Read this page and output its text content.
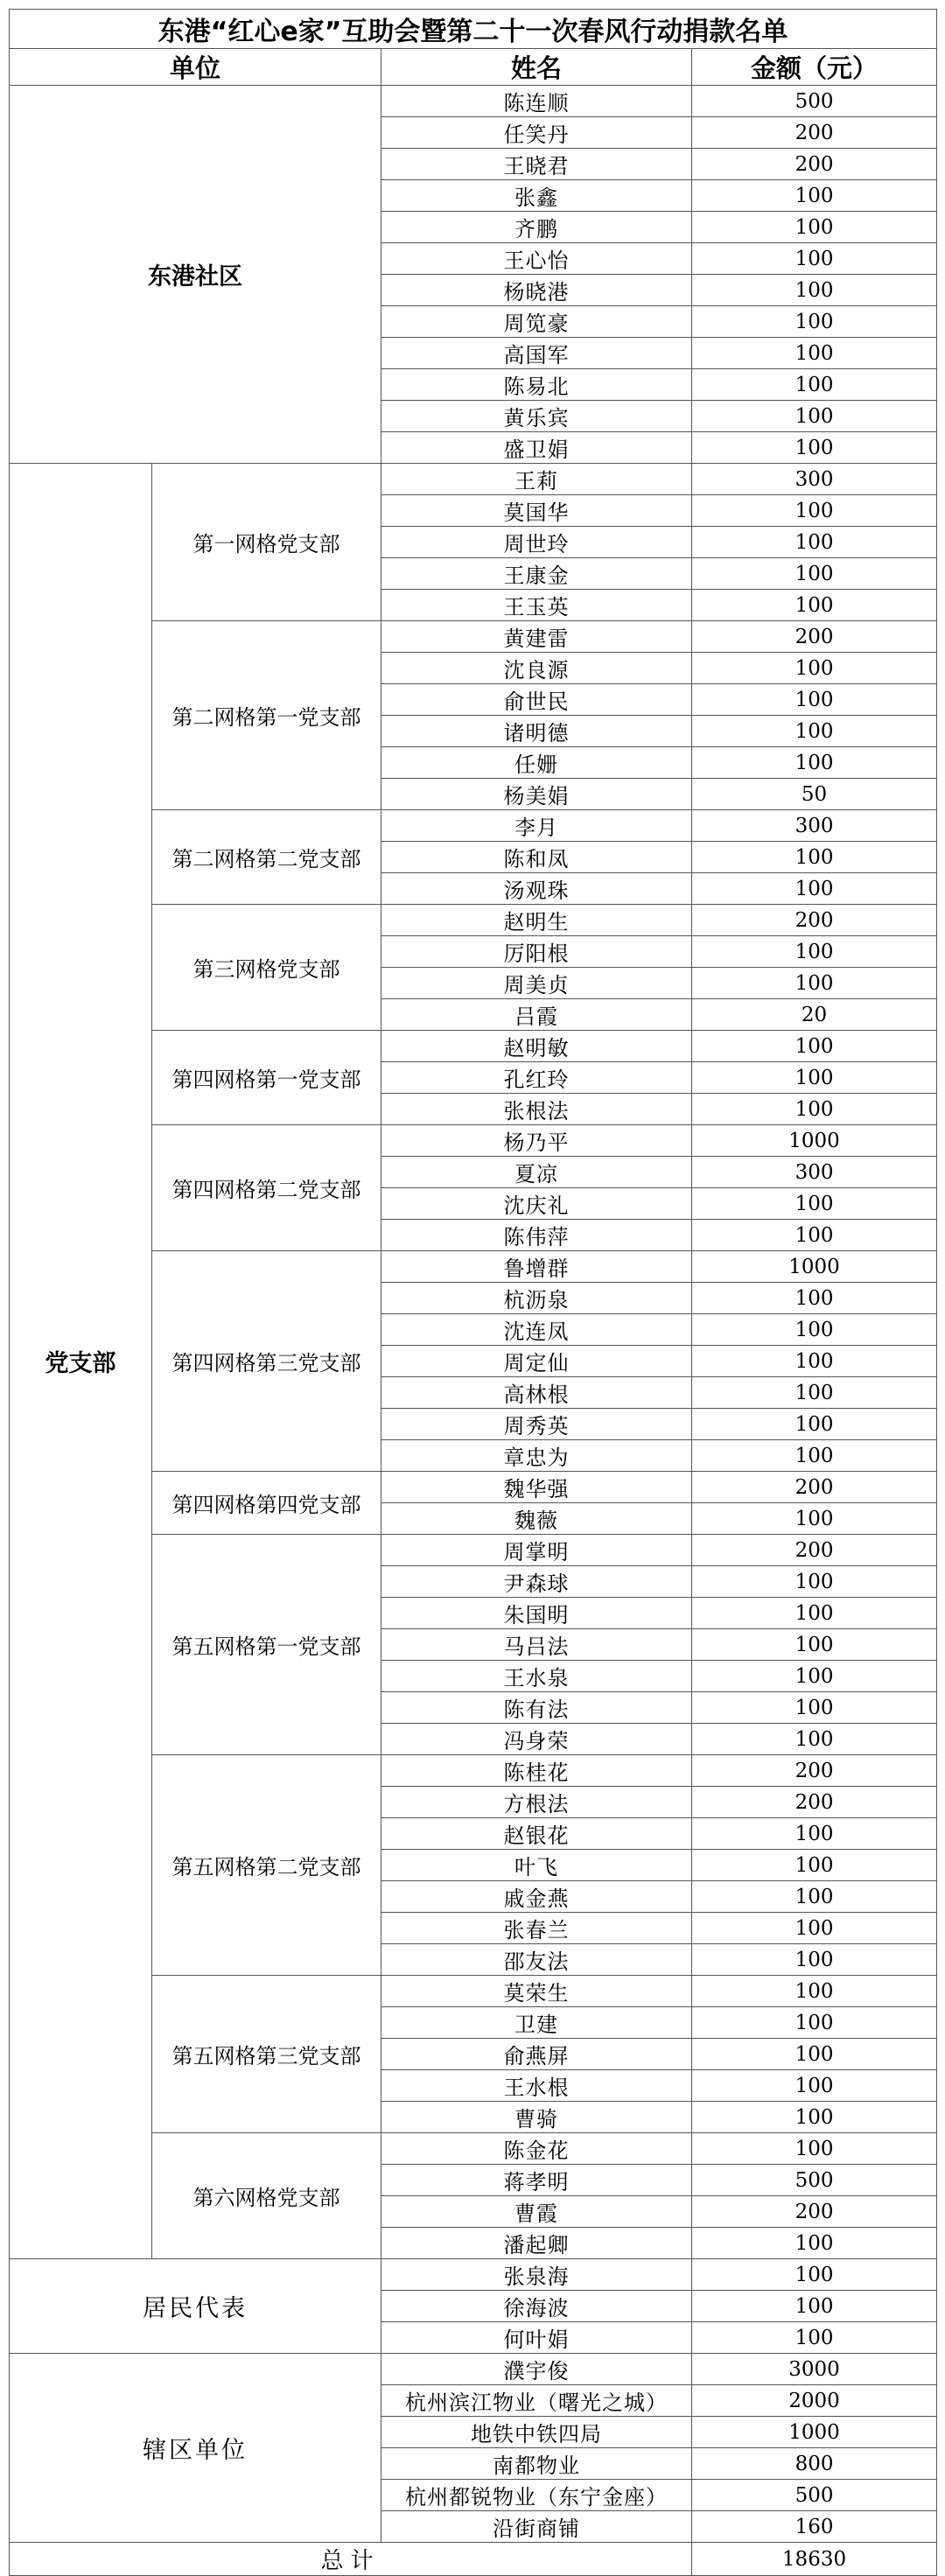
东港“红心e家”互助会暨第二十一次春风行动捐款名单			
单位		姓名	金额（元）
东港社区		陈连顺	500
		任笑丹	200
		王晓君	200
		张鑫	100
		齐鹏	100
		王心怡	100
		杨晓港	100
		周笕豪	100
		高国军	100
		陈易北	100
		黄乐宾	100
		盛卫娟	100
党支部	第一网格党支部	王莉	300
		莫国华	100
		周世玲	100
		王康金	100
		王玉英	100
	第二网格第一党支部	黄建雷	200
		沈良源	100
		俞世民	100
		诸明德	100
		任姗	100
		杨美娟	50
	第二网格第二党支部	李月	300
		陈和凤	100
		汤观珠	100
	第三网格党支部	赵明生	200
		厉阳根	100
		周美贞	100
		吕霞	20
	第四网格第一党支部	赵明敏	100
		孔红玲	100
		张根法	100
	第四网格第二党支部	杨乃平	1000
		夏凉	300
		沈庆礼	100
		陈伟萍	100
	第四网格第三党支部	鲁增群	1000
		杭沥泉	100
		沈连凤	100
		周定仙	100
		高林根	100
		周秀英	100
		章忠为	100
	第四网格第四党支部	魏华强	200
		魏薇	100
	第五网格第一党支部	周掌明	200
		尹森球	100
		朱国明	100
		马吕法	100
		王水泉	100
		陈有法	100
		冯身荣	100
	第五网格第二党支部	陈桂花	200
		方根法	200
		赵银花	100
		叶飞	100
		戚金燕	100
		张春兰	100
		邵友法	100
	第五网格第三党支部	莫荣生	100
		卫建	100
		俞燕屏	100
		王水根	100
		曹骑	100
	第六网格党支部	陈金花	100
		蒋孝明	500
		曹霞	200
		潘起卿	100
居民代表		张泉海	100
		徐海波	100
		何叶娟	100
辖区单位		濮宇俊	3000
		杭州滨江物业（曙光之城）	2000
		地铁中铁四局	1000
		南都物业	800
		杭州都锐物业（东宁金座）	500
		沿街商铺	160
总计			18630
